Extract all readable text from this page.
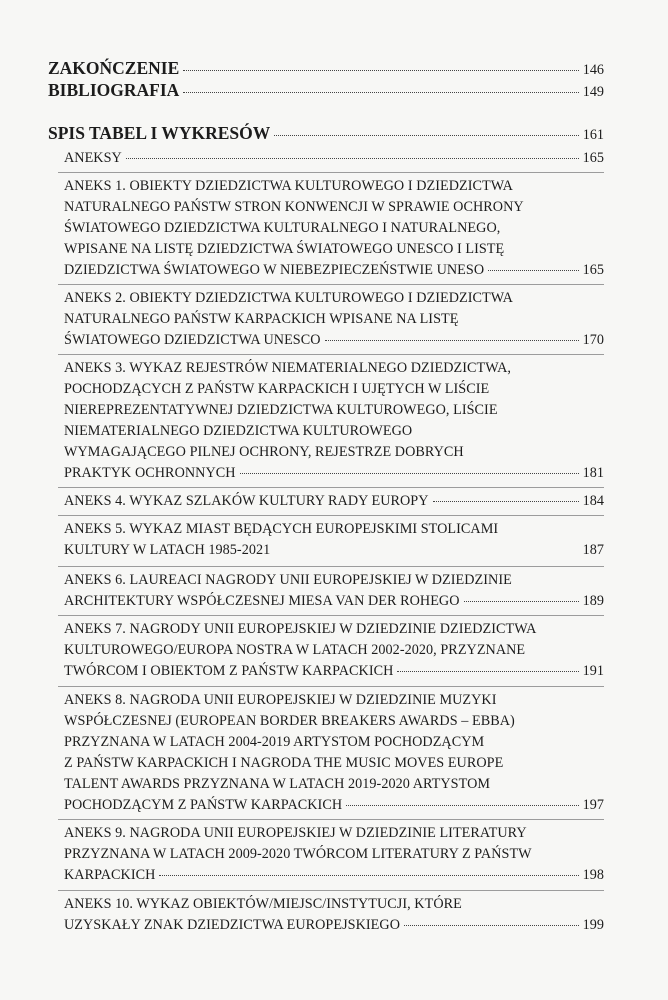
ZAKOŃCZENIE	146
BIBLIOGRAFIA	149
SPIS TABEL I WYKRESÓW	161
ANEKSY	165
ANEKS 1. OBIEKTY DZIEDZICTWA KULTUROWEGO I DZIEDZICTWA
NATURALNEGO PAŃSTW STRON KONWENCJI W SPRAWIE OCHRONY
ŚWIATOWEGO DZIEDZICTWA KULTURALNEGO I NATURALNEGO,
WPISANE NA LISTĘ DZIEDZICTWA ŚWIATOWEGO UNESCO I LISTĘ
DZIEDZICTWA ŚWIATOWEGO W NIEBEZPIECZEŃSTWIE UNESO	165
ANEKS 2. OBIEKTY DZIEDZICTWA KULTUROWEGO I DZIEDZICTWA
NATURALNEGO PAŃSTW KARPACKICH WPISANE NA LISTĘ
ŚWIATOWEGO DZIEDZICTWA UNESCO	170
ANEKS 3. WYKAZ REJESTRÓW NIEMATERIALNEGO DZIEDZICTWA,
POCHODZĄCYCH Z PAŃSTW KARPACKICH I UJĘTYCH W LIŚCIE
NIEREPREZENTATYWNEJ DZIEDZICTWA KULTUROWEGO, LIŚCIE
NIEMATERIALNEGO DZIEDZICTWA KULTUROWEGO
WYMAGAJĄCEGO PILNEJ OCHRONY, REJESTRZE DOBRYCH
PRAKTYK OCHRONNYCH	181
ANEKS 4. WYKAZ SZLAKÓW KULTURY RADY EUROPY	184
ANEKS 5. WYKAZ MIAST BĘDĄCYCH EUROPEJSKIMI STOLICAMI
KULTURY W LATACH 1985-2021	187
ANEKS 6. LAUREACI NAGRODY UNII EUROPEJSKIEJ W DZIEDZINIE
ARCHITEKTURY WSPÓŁCZESNEJ MIESA VAN DER ROHEGO	189
ANEKS 7. NAGRODY UNII EUROPEJSKIEJ W DZIEDZINIE DZIEDZICTWA
KULTUROWEGO/EUROPA NOSTRA W LATACH 2002-2020, PRZYZNANE
TWÓRCOM I OBIEKTOM Z PAŃSTW KARPACKICH	191
ANEKS 8. NAGRODA UNII EUROPEJSKIEJ W DZIEDZINIE MUZYKI
WSPÓŁCZESNEJ (EUROPEAN BORDER BREAKERS AWARDS – EBBA)
PRZYZNANA W LATACH 2004-2019 ARTYSTOM POCHODZĄCYM
Z PAŃSTW KARPACKICH I NAGRODA THE MUSIC MOVES EUROPE
TALENT AWARDS PRZYZNANA W LATACH 2019-2020 ARTYSTOM
POCHODZĄCYM Z PAŃSTW KARPACKICH	197
ANEKS 9. NAGRODA UNII EUROPEJSKIEJ W DZIEDZINIE LITERATURY
PRZYZNANA W LATACH 2009-2020 TWÓRCOM LITERATURY Z PAŃSTW
KARPACKICH	198
ANEKS 10. WYKAZ OBIEKTÓW/MIEJSC/INSTYTUCJI, KTÓRE
UZYSKAŁY ZNAK DZIEDZICTWA EUROPEJSKIEGO	199
